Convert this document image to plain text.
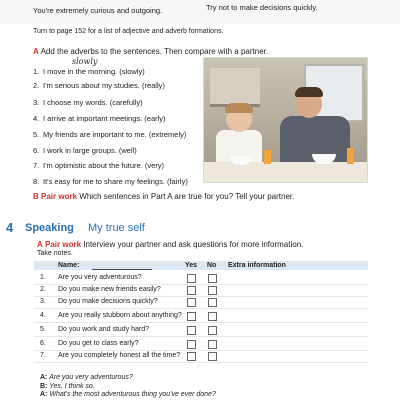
You're extremely curious and outgoing.	Try not to make decisions quickly.
Turn to page 152 for a list of adjective and adverb formations.
A Add the adverbs to the sentences. Then compare with a partner.
slowly
1. I move in the morning. (slowly)
2. I'm serious about my studies. (really)
3. I choose my words. (carefully)
4. I arrive at important meetings. (early)
5. My friends are important to me. (extremely)
6. I work in large groups. (well)
7. I'm optimistic about the future. (very)
8. It's easy for me to share my feelings. (fairly)
B Pair work Which sentences in Part A are true for you? Tell your partner.
4 Speaking My true self
A Pair work Interview your partner and ask questions for more information.
Take notes.
Name:	Yes No Extra information
1. Are you very adventurous?
2. Do you make new friends easily?
3. Do you make decisions quickly?
4. Are you really stubborn about anything?
5. Do you work and study hard?
6. Do you get to class early?
7. Are you completely honest all the time?
A: Are you very adventurous?
B: Yes, I think so.
A: What's the most adventurous thing you've ever done?
